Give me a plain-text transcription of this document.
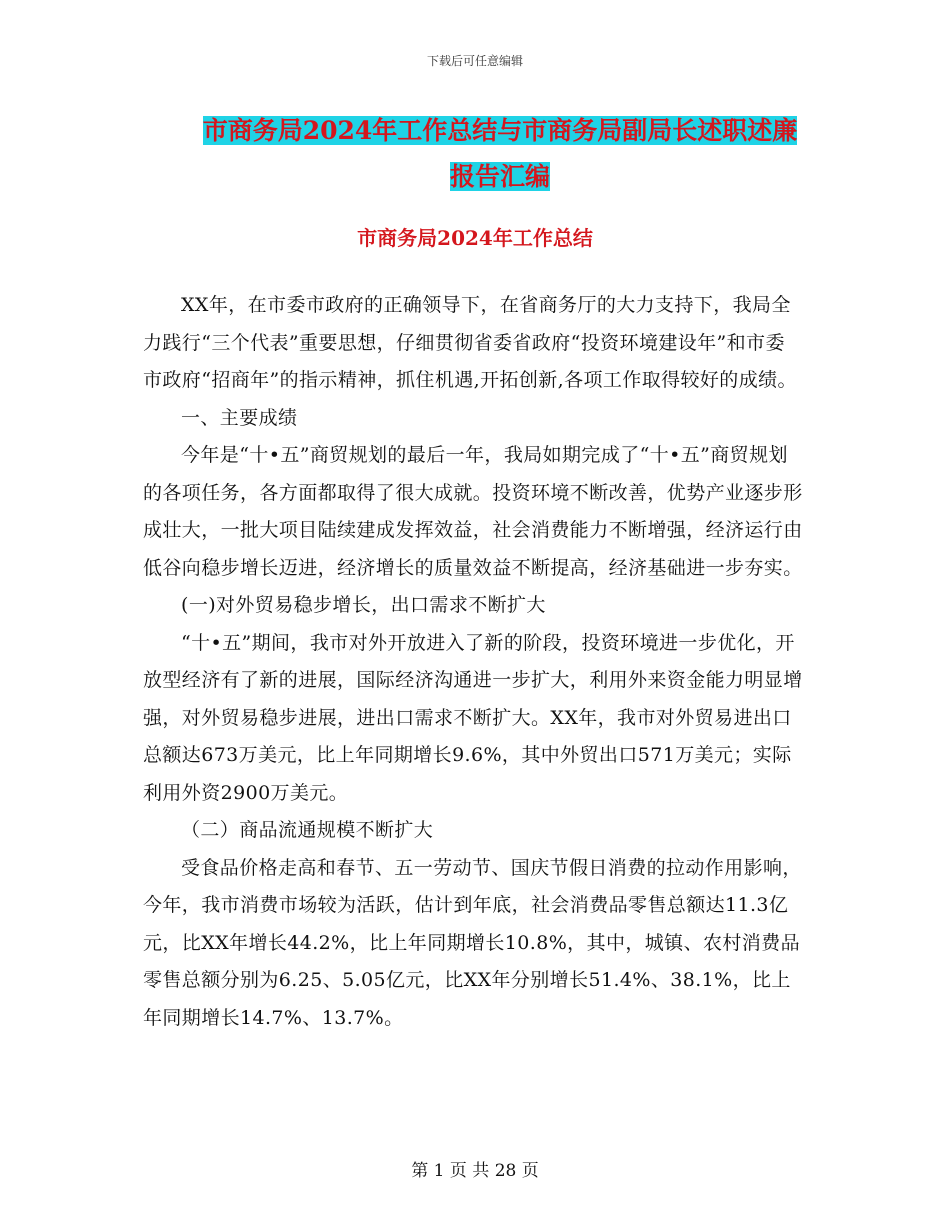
下载后可任意编辑
市商务局2024年工作总结与市商务局副局长述职述廉
报告汇编
市商务局2024年工作总结

XX年，在市委市政府的正确领导下，在省商务厅的大力支持下，我局全力践行“三个代表”重要思想，仔细贯彻省委省政府“投资环境建设年”和市委市政府“招商年”的指示精神，抓住机遇,开拓创新,各项工作取得较好的成绩。

一、主要成绩

今年是“十•五”商贸规划的最后一年，我局如期完成了“十•五”商贸规划的各项任务，各方面都取得了很大成就。投资环境不断改善，优势产业逐步形成壮大，一批大项目陆续建成发挥效益，社会消费能力不断增强，经济运行由低谷向稳步增长迈进，经济增长的质量效益不断提高，经济基础进一步夯实。

(一)对外贸易稳步增长，出口需求不断扩大

“十•五”期间，我市对外开放进入了新的阶段，投资环境进一步优化，开放型经济有了新的进展，国际经济沟通进一步扩大，利用外来资金能力明显增强，对外贸易稳步进展，进出口需求不断扩大。XX年，我市对外贸易进出口总额达673万美元，比上年同期增长9.6%，其中外贸出口571万美元；实际利用外资2900万美元。

（二）商品流通规模不断扩大

受食品价格走高和春节、五一劳动节、国庆节假日消费的拉动作用影响，今年，我市消费市场较为活跃，估计到年底，社会消费品零售总额达11.3亿元，比XX年增长44.2%，比上年同期增长10.8%，其中，城镇、农村消费品零售总额分别为6.25、5.05亿元，比XX年分别增长51.4%、38.1%，比上年同期增长14.7%、13.7%。

第 1 页 共 28 页
